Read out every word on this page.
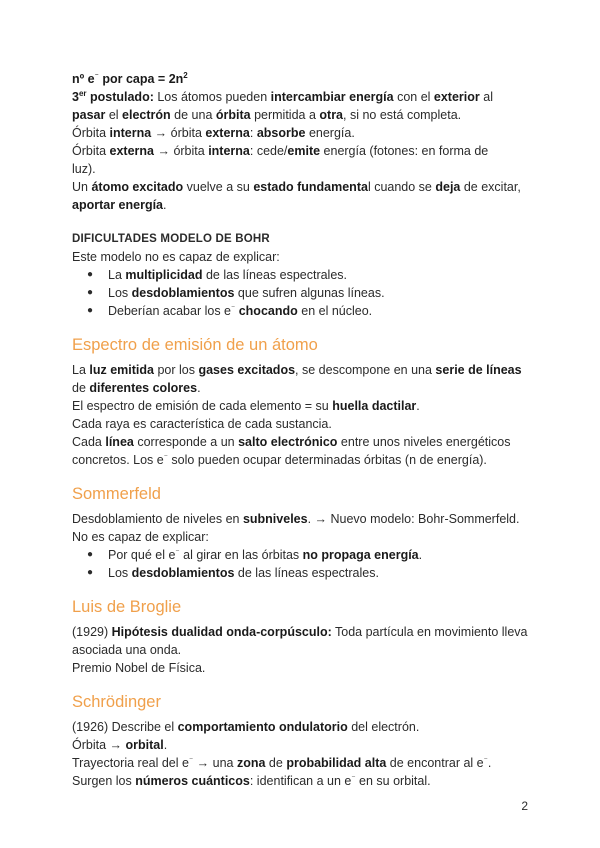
nº e⁻ por capa = $2n^2$

3er postulado: Los átomos pueden intercambiar energía con el exterior al

pasar el electrón de una órbita permitida a otra, si no está completa.

Órbita interna → órbita externa: absorbe energía.

Órbita externa → órbita interna: cede/emite energía (fotones: en forma de

luz).

Un átomo excitado vuelve a su estado fundamental cuando se deja de excitar,

aportar energía.

DIFICULTADES MODELO DE BOHR

Este modelo no es capaz de explicar:

● La multiplicidad de las líneas espectrales.
● Los desdoblamientos que sufren algunas líneas.
● Deberían acabar los e⁻ chocando en el núcleo.
Espectro de emisión de un átomo

La luz emitida por los gases excitados, se descompone en una serie de líneas

de diferentes colores.

El espectro de emisión de cada elemento = su huella dactilar.

Cada raya es característica de cada sustancia.

Cada línea corresponde a un salto electrónico entre unos niveles energéticos

concretos. Los e⁻ solo pueden ocupar determinadas órbitas (n de energía).

Sommerfeld

Desdoblamiento de niveles en subniveles. → Nuevo modelo: Bohr-Sommerfeld.

No es capaz de explicar:

● Por qué el e⁻ al girar en las órbitas no propaga energía.
● Los desdoblamientos de las líneas espectrales.
Luis de Broglie

(1929) Hipótesis dualidad onda-corpúsculo: Toda partícula en movimiento lleva

asociada una onda.

Premio Nobel de Física.

Schrödinger

(1926) Describe el comportamiento ondulatorio del electrón.

Órbita → orbital.

Trayectoria real del e⁻ → una zona de probabilidad alta de encontrar al e⁻.

Surgen los números cuánticos: identifican a un e⁻ en su orbital.

2
